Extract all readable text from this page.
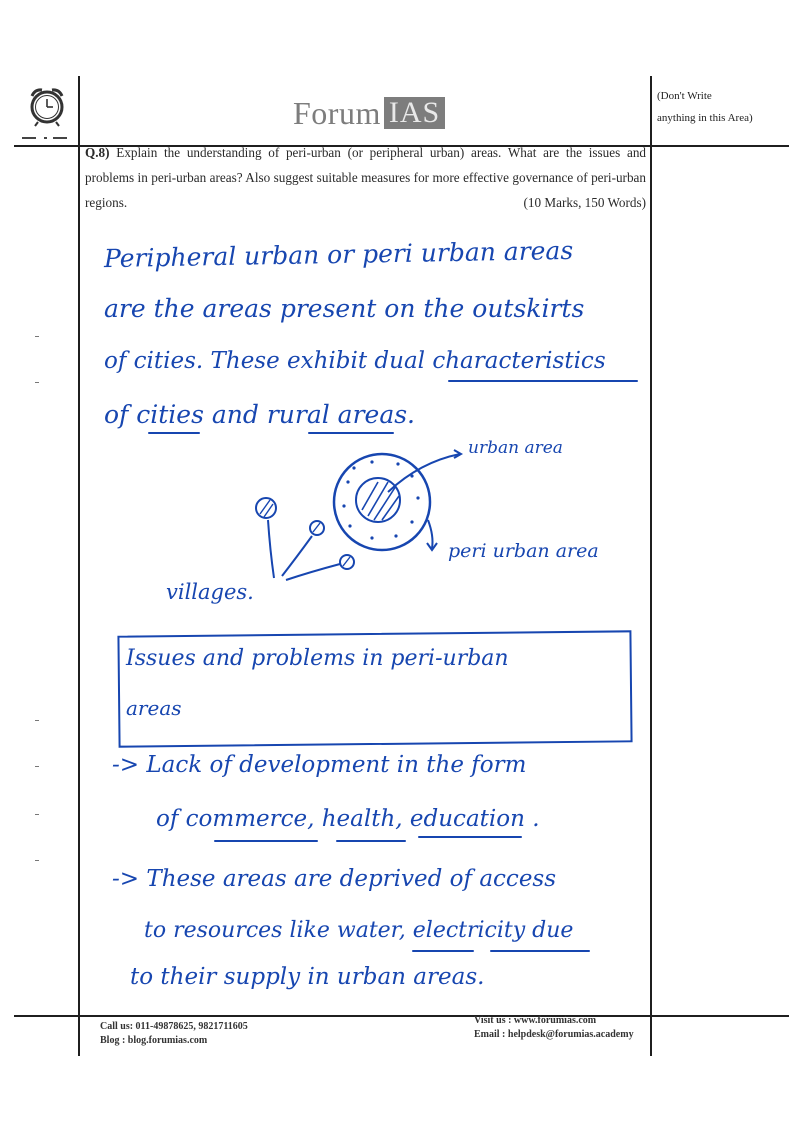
Forum IAS	(Don't Write
anything in this Area)
Q.8) Explain the understanding of peri-urban (or peripheral urban) areas. What are the issues and problems in peri-urban areas? Also suggest suitable measures for more effective governance of peri-urban regions.	(10 Marks, 150 Words)
Peripheral urban or peri urban areas
are the areas present on the outskirts
of cities. These exhibit dual characteristics
of cities and rural areas.
urban area
peri urban area
villages.
Issues and problems in peri-urban
areas
-> Lack of development in the form
of commerce, health, education .
-> These areas are deprived of access
to resources like water, electricity due
to their supply in urban areas.
Call us: 011-49878625, 9821711605
Blog : blog.forumias.com
Visit us : www.forumias.com
Email : helpdesk@forumias.academy
